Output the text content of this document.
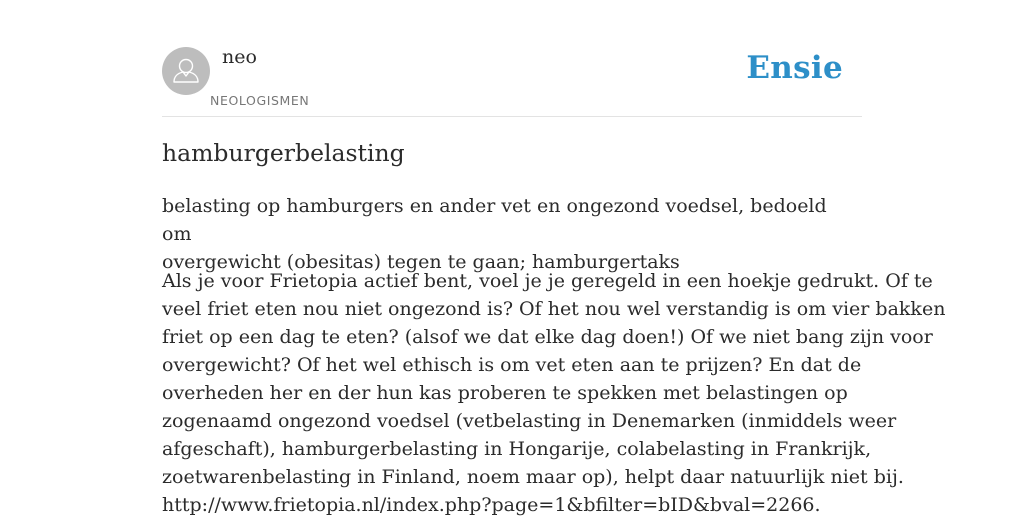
neo
NEOLOGISMEN
Ensie
hamburgerbelasting

belasting op hamburgers en ander vet en ongezond voedsel, bedoeld om
overgewicht (obesitas) tegen te gaan; hamburgertaks

Als je voor Frietopia actief bent, voel je je geregeld in een hoekje gedrukt. Of te
veel friet eten nou niet ongezond is? Of het nou wel verstandig is om vier bakken
friet op een dag te eten? (alsof we dat elke dag doen!) Of we niet bang zijn voor
overgewicht? Of het wel ethisch is om vet eten aan te prijzen? En dat de
overheden her en der hun kas proberen te spekken met belastingen op
zogenaamd ongezond voedsel (vetbelasting in Denemarken (inmiddels weer
afgeschaft), hamburgerbelasting in Hongarije, colabelasting in Frankrijk,
zoetwarenbelasting in Finland, noem maar op), helpt daar natuurlijk niet bij.
http://www.frietopia.nl/index.php?page=1&bfilter=bID&bval=2266.
